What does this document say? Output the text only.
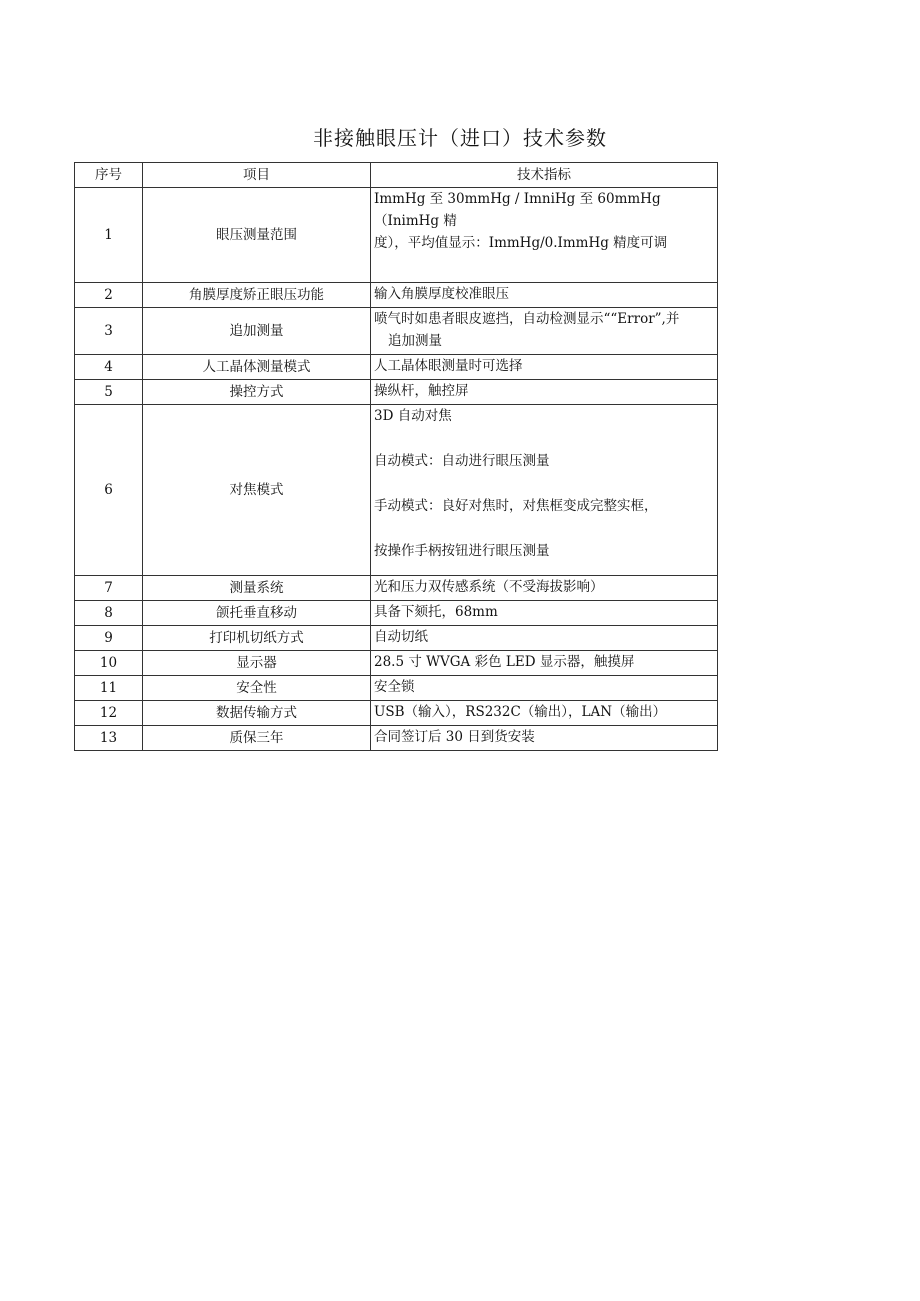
非接触眼压计（进口）技术参数
序号	项目	技术指标
1	眼压测量范围	ImmHg 至 30mmHg / ImniHg 至 60mmHg（InimHg 精
度），平均值显示：ImmHg/0.ImmHg 精度可调

2	角膜厚度矫正眼压功能	输入角膜厚度校准眼压

3	追加测量	喷气时如患者眼皮遮挡，自动检测显示““Error”,并
追加测量

4	人工晶体测量模式	人工晶体眼测量时可选择

5	操控方式	操纵杆，触控屏

6	对焦模式	3D 自动对焦
自动模式：自动进行眼压测量
手动模式：良好对焦时，对焦框变成完整实框，
按操作手柄按钮进行眼压测量

7	测量系统	光和压力双传感系统（不受海拔影响）

8	颌托垂直移动	具备下颏托，68mm

9	打印机切纸方式	自动切纸

10	显示器	28.5 寸 WVGA 彩色 LED 显示器，触摸屏

11	安全性	安全锁

12	数据传输方式	USB（输入），RS232C（输出），LAN（输出）

13	质保三年	合同签订后 30 日到货安装
